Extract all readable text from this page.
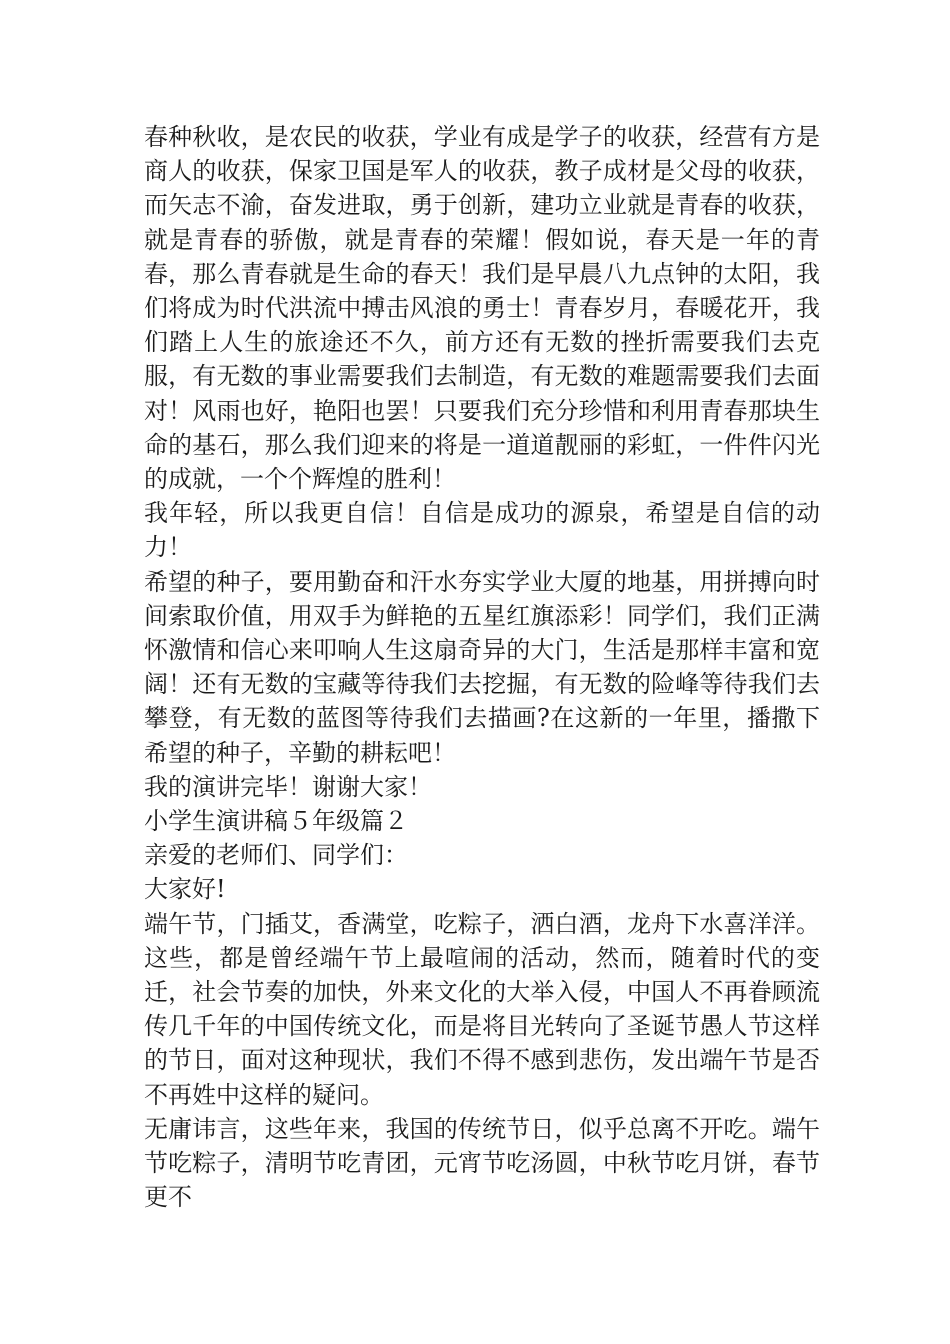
春种秋收，是农民的收获，学业有成是学子的收获，经营有方是商人的收获，保家卫国是军人的收获，教子成材是父母的收获，而矢志不渝，奋发进取，勇于创新，建功立业就是青春的收获，就是青春的骄傲，就是青春的荣耀！假如说，春天是一年的青春，那么青春就是生命的春天！我们是早晨八九点钟的太阳，我们将成为时代洪流中搏击风浪的勇士！青春岁月，春暖花开，我们踏上人生的旅途还不久，前方还有无数的挫折需要我们去克服，有无数的事业需要我们去制造，有无数的难题需要我们去面对！风雨也好，艳阳也罢！只要我们充分珍惜和利用青春那块生命的基石，那么我们迎来的将是一道道靓丽的彩虹，一件件闪光的成就，一个个辉煌的胜利！

我年轻，所以我更自信！自信是成功的源泉，希望是自信的动力！

希望的种子，要用勤奋和汗水夯实学业大厦的地基，用拼搏向时间索取价值，用双手为鲜艳的五星红旗添彩！同学们，我们正满怀激情和信心来叩响人生这扇奇异的大门，生活是那样丰富和宽阔！还有无数的宝藏等待我们去挖掘，有无数的险峰等待我们去攀登，有无数的蓝图等待我们去描画?在这新的一年里，播撒下希望的种子，辛勤的耕耘吧！

我的演讲完毕！谢谢大家！

小学生演讲稿５年级篇２

亲爱的老师们、同学们：

大家好!

端午节，门插艾，香满堂，吃粽子，洒白酒，龙舟下水喜洋洋。这些，都是曾经端午节上最喧闹的活动，然而，随着时代的变迁，社会节奏的加快，外来文化的大举入侵，中国人不再眷顾流传几千年的中国传统文化，而是将目光转向了圣诞节愚人节这样的节日，面对这种现状，我们不得不感到悲伤，发出端午节是否不再姓中这样的疑问。

无庸讳言，这些年来，我国的传统节日，似乎总离不开吃。端午节吃粽子，清明节吃青团，元宵节吃汤圆，中秋节吃月饼，春节更不
